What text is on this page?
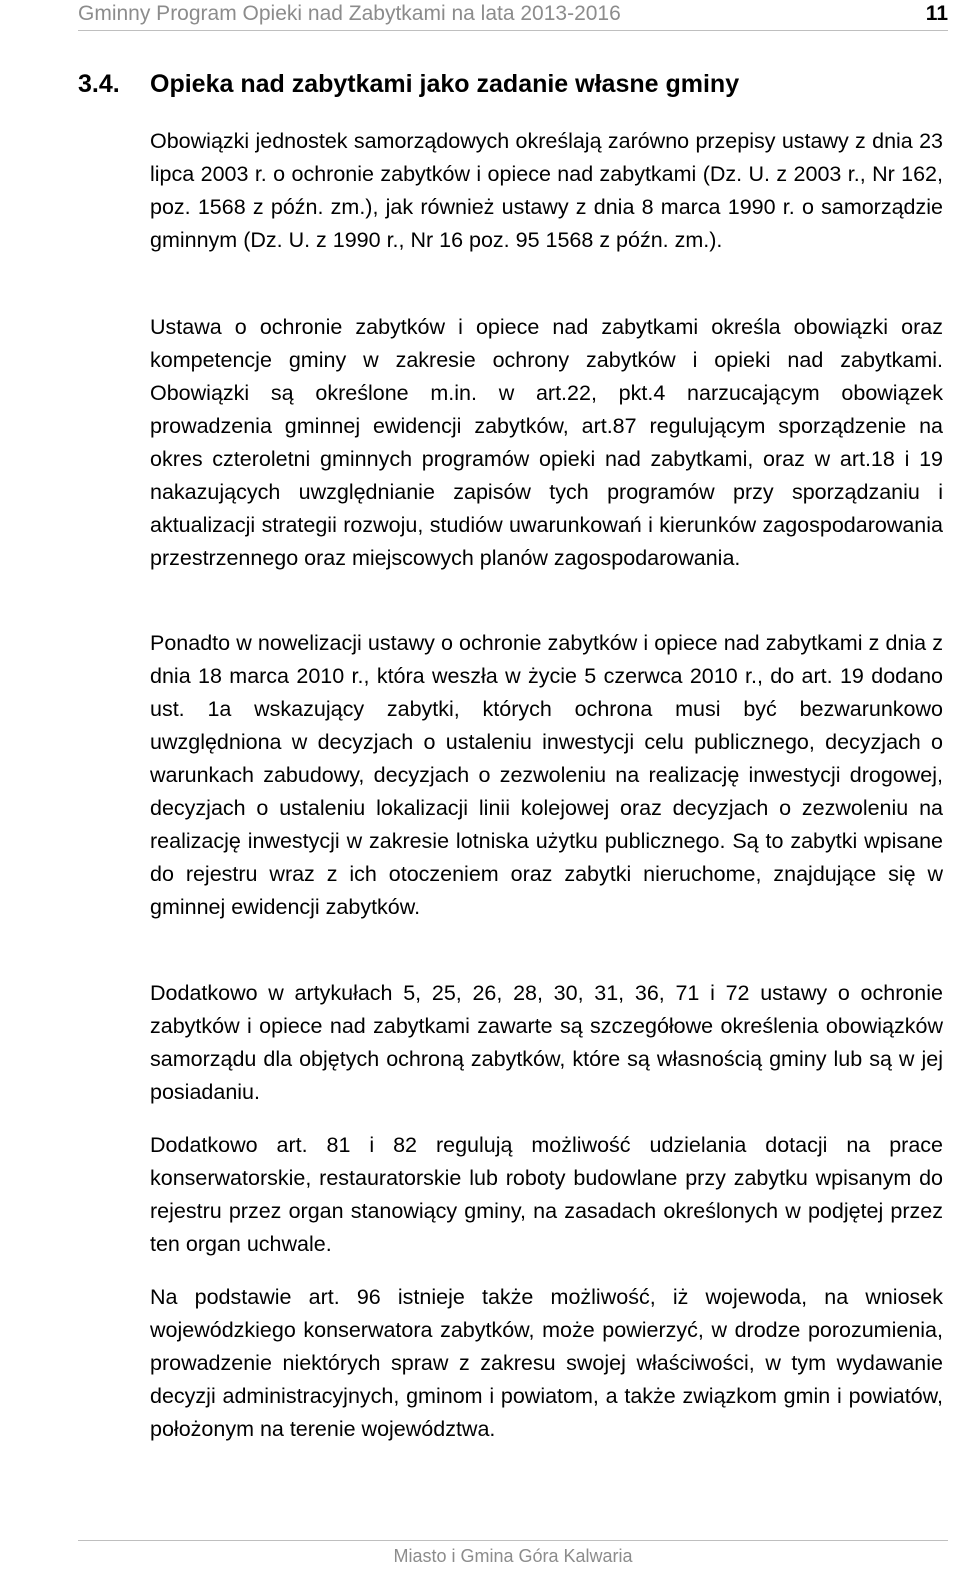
Gminny Program Opieki nad Zabytkami na lata 2013-2016	11
3.4. Opieka nad zabytkami jako zadanie własne gminy

Obowiązki jednostek samorządowych określają zarówno przepisy ustawy z dnia 23 lipca 2003 r. o ochronie zabytków i opiece nad zabytkami (Dz. U. z 2003 r., Nr 162, poz. 1568 z późn. zm.), jak również ustawy z dnia 8 marca 1990 r. o samorządzie gminnym (Dz. U. z 1990 r., Nr 16 poz. 95 1568 z późn. zm.).

Ustawa o ochronie zabytków i opiece nad zabytkami określa obowiązki oraz kompetencje gminy w zakresie ochrony zabytków i opieki nad zabytkami. Obowiązki są określone m.in. w art.22, pkt.4 narzucającym obowiązek prowadzenia gminnej ewidencji zabytków, art.87 regulującym sporządzenie na okres czteroletni gminnych programów opieki nad zabytkami, oraz w art.18 i 19 nakazujących uwzględnianie zapisów tych programów przy sporządzaniu i aktualizacji strategii rozwoju, studiów uwarunkowań i kierunków zagospodarowania przestrzennego oraz miejscowych planów zagospodarowania.

Ponadto w nowelizacji ustawy o ochronie zabytków i opiece nad zabytkami z dnia z dnia 18 marca 2010 r., która weszła w życie 5 czerwca 2010 r., do art. 19 dodano ust. 1a wskazujący zabytki, których ochrona musi być bezwarunkowo uwzględniona w decyzjach o ustaleniu inwestycji celu publicznego, decyzjach o warunkach zabudowy, decyzjach o zezwoleniu na realizację inwestycji drogowej, decyzjach o ustaleniu lokalizacji linii kolejowej oraz decyzjach o zezwoleniu na realizację inwestycji w zakresie lotniska użytku publicznego. Są to zabytki wpisane do rejestru wraz z ich otoczeniem oraz zabytki nieruchome, znajdujące się w gminnej ewidencji zabytków.

Dodatkowo w artykułach 5, 25, 26, 28, 30, 31, 36, 71 i 72 ustawy o ochronie zabytków i opiece nad zabytkami zawarte są szczegółowe określenia obowiązków samorządu dla objętych ochroną zabytków, które są własnością gminy lub są w jej posiadaniu.

Dodatkowo art. 81 i 82 regulują możliwość udzielania dotacji na prace konserwatorskie, restauratorskie lub roboty budowlane przy zabytku wpisanym do rejestru przez organ stanowiący gminy, na zasadach określonych w podjętej przez ten organ uchwale.

Na podstawie art. 96 istnieje także możliwość, iż wojewoda, na wniosek wojewódzkiego konserwatora zabytków, może powierzyć, w drodze porozumienia, prowadzenie niektórych spraw z zakresu swojej właściwości, w tym wydawanie decyzji administracyjnych, gminom i powiatom, a także związkom gmin i powiatów, położonym na terenie województwa.

Miasto i Gmina Góra Kalwaria
